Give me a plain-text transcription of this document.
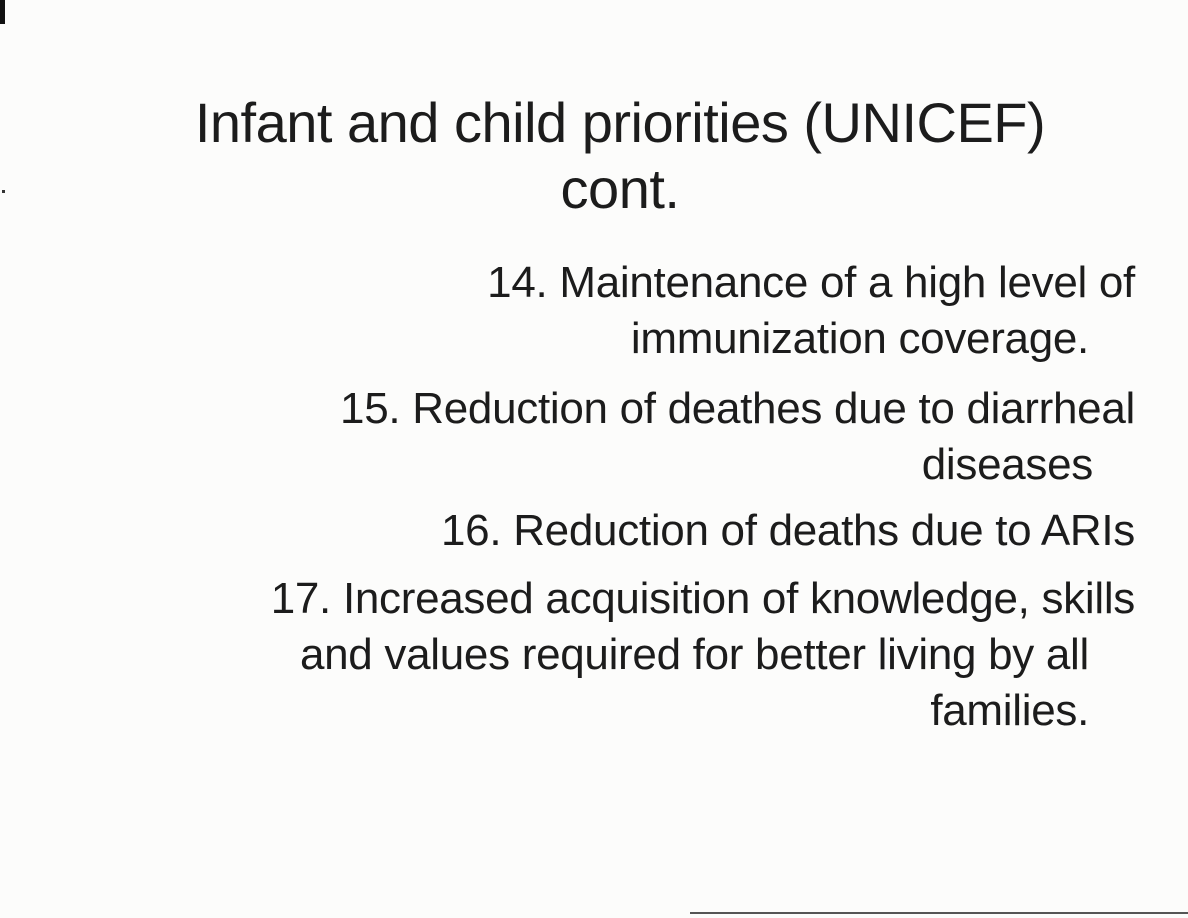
Infant and child priorities (UNICEF)
cont.
14. Maintenance of a high level of
immunization coverage.
15. Reduction of deathes due to diarrheal
diseases
16. Reduction of deaths due to ARIs
17. Increased acquisition of knowledge, skills
and values required for better living by all
families.
